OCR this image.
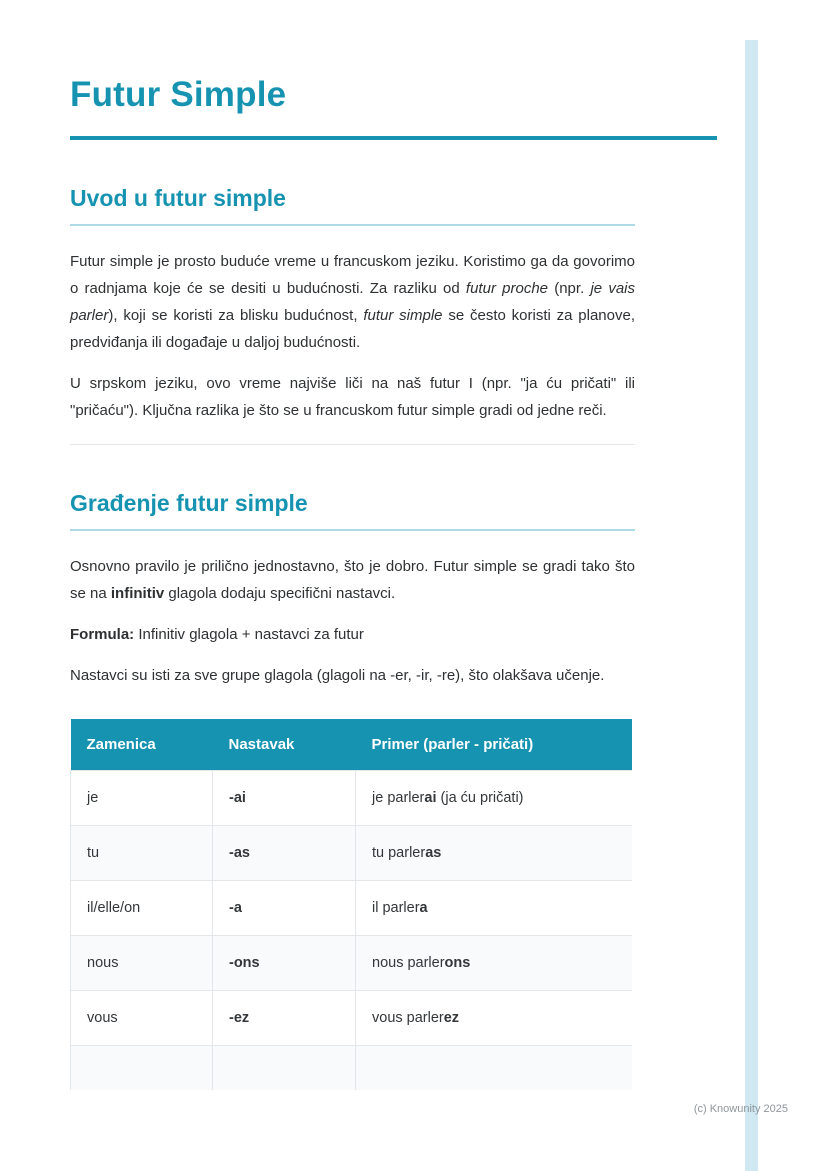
Futur Simple
Uvod u futur simple

Futur simple je prosto buduće vreme u francuskom jeziku. Koristimo ga da govorimo o radnjama koje će se desiti u budućnosti. Za razliku od futur proche (npr. je vais parler), koji se koristi za blisku budućnost, futur simple se često koristi za planove, predviđanja ili događaje u daljoj budućnosti.

U srpskom jeziku, ovo vreme najviše liči na naš futur I (npr. "ja ću pričati" ili "pričaću"). Ključna razlika je što se u francuskom futur simple gradi od jedne reči.

Građenje futur simple

Osnovno pravilo je prilično jednostavno, što je dobro. Futur simple se gradi tako što se na infinitiv glagola dodaju specifični nastavci.

Formula: Infinitiv glagola + nastavci za futur

Nastavci su isti za sve grupe glagola (glagoli na -er, -ir, -re), što olakšava učenje.

Zamenica	Nastavak	Primer (parler - pričati)
je	-ai	je parlerai (ja ću pričati)
tu	-as	tu parleras
il/elle/on	-a	il parlera
nous	-ons	nous parlerons
vous	-ez	vous parlerez

(c) Knowunity 2025
